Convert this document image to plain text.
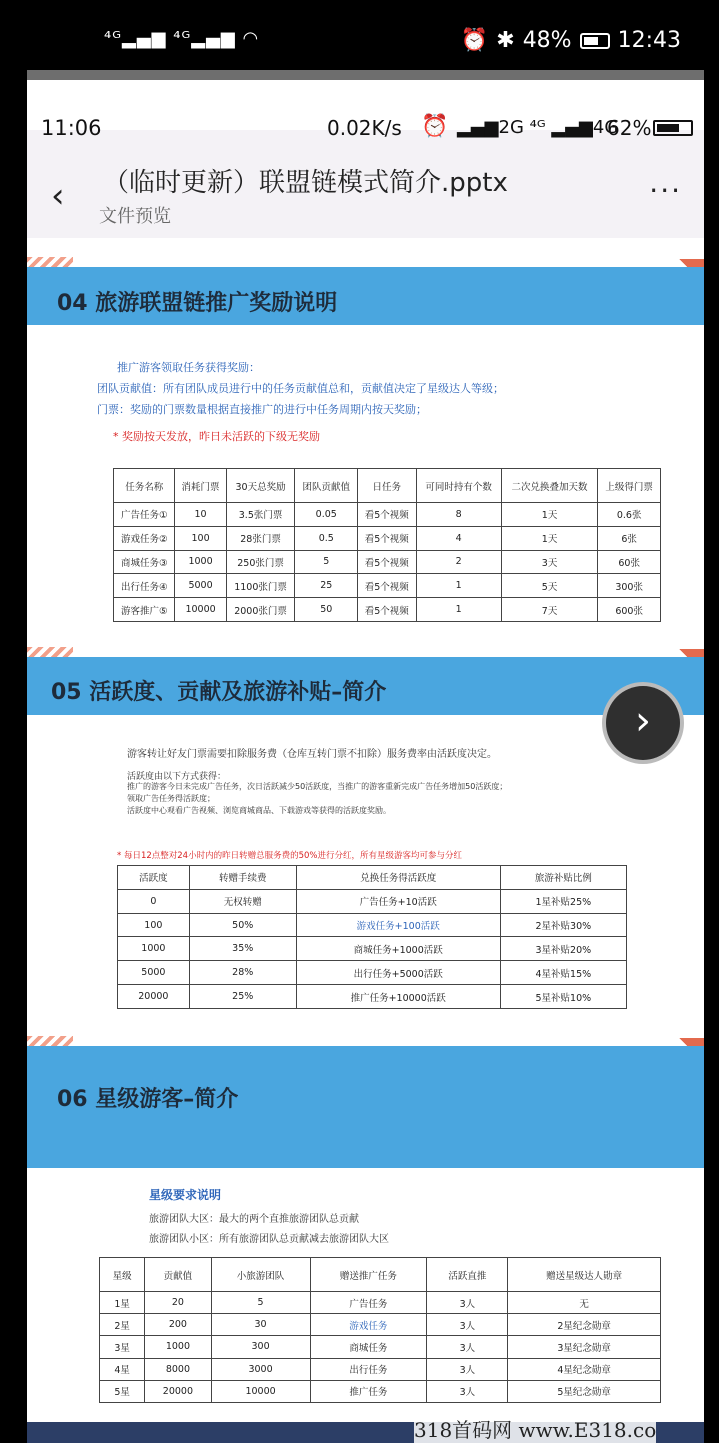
⁴ᴳ▂▄▆ ⁴ᴳ▂▄▆ ◠	⏰ ✱ 48% 12:43
11:06	0.02K/s ⏰ ▂▄▆2G ⁴ᴳ ▂▄▆4G
62%
‹ （临时更新）联盟链模式简介.pptx
文件预览
···
04 旅游联盟链推广奖励说明
推广游客领取任务获得奖励：
团队贡献值：所有团队成员进行中的任务贡献值总和，贡献值决定了星级达人等级；
门票：奖励的门票数量根据直接推广的进行中任务周期内按天奖励；
* 奖励按天发放，昨日未活跃的下级无奖励
任务名称	消耗门票	30天总奖励	团队贡献值	日任务	可同时持有个数	二次兑换叠加天数	上级得门票
广告任务①	10	3.5张门票	0.05	看5个视频	8	1天	0.6张
游戏任务②	100	28张门票	0.5	看5个视频	4	1天	6张
商城任务③	1000	250张门票	5	看5个视频	2	3天	60张
出行任务④	5000	1100张门票	25	看5个视频	1	5天	300张
游客推广⑤	10000	2000张门票	50	看5个视频	1	7天	600张
05 活跃度、贡献及旅游补贴–简介
游客转让好友门票需要扣除服务费（仓库互转门票不扣除）服务费率由活跃度决定。
活跃度由以下方式获得：
推广的游客今日未完成广告任务，次日活跃减少50活跃度，当推广的游客重新完成广告任务增加50活跃度；
领取广告任务得活跃度；
活跃度中心观看广告视频、浏览商城商品、下载游戏等获得的活跃度奖励。
* 每日12点整对24小时内的昨日转赠总服务费的50%进行分红，所有星级游客均可参与分红
活跃度	转赠手续费	兑换任务得活跃度	旅游补贴比例
0	无权转赠	广告任务+10活跃	1星补贴25%
100	50%	游戏任务+100活跃	2星补贴30%
1000	35%	商城任务+1000活跃	3星补贴20%
5000	28%	出行任务+5000活跃	4星补贴15%
20000	25%	推广任务+10000活跃	5星补贴10%
06 星级游客–简介
星级要求说明
旅游团队大区：最大的两个直推旅游团队总贡献
旅游团队小区：所有旅游团队总贡献减去旅游团队大区
星级	贡献值	小旅游团队	赠送推广任务	活跃直推	赠送星级达人勋章
1星	20	5	广告任务	3人	无
2星	200	30	游戏任务	3人	2星纪念勋章
3星	1000	300	商城任务	3人	3星纪念勋章
4星	8000	3000	出行任务	3人	4星纪念勋章
5星	20000	10000	推广任务	3人	5星纪念勋章
›
318首码网 www.E318.co
